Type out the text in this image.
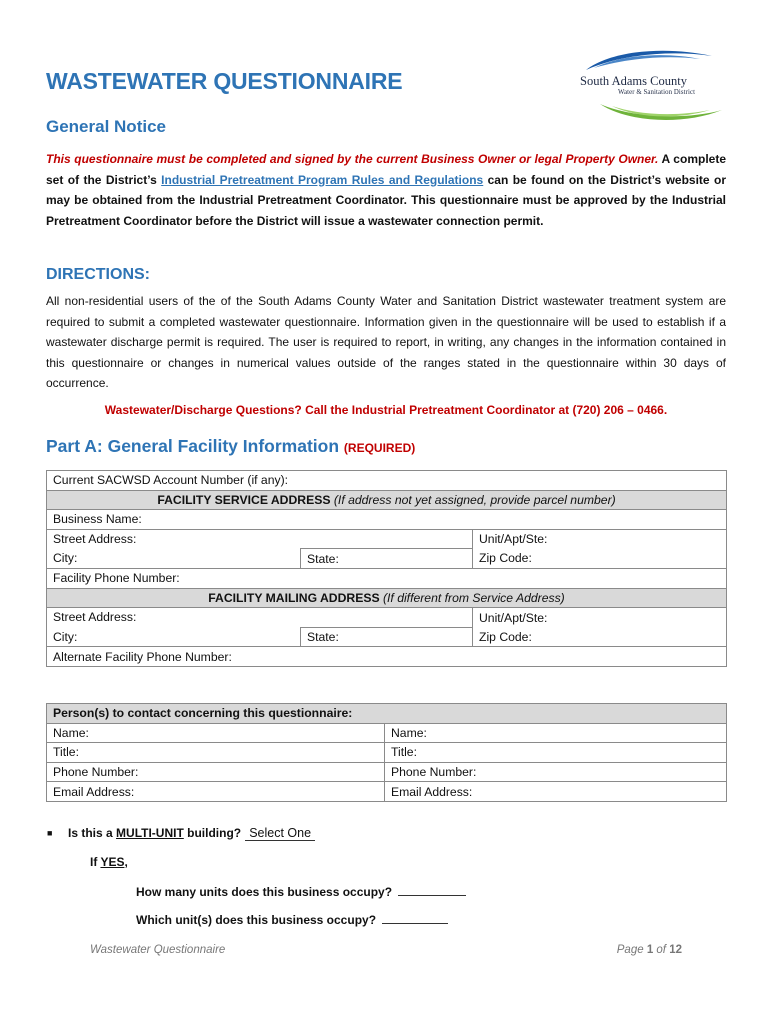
South Adams County
Water & Sanitation District
WASTEWATER QUESTIONNAIRE
General Notice
This questionnaire must be completed and signed by the current Business Owner or legal Property Owner. A complete set of the District’s Industrial Pretreatment Program Rules and Regulations can be found on the District’s website or may be obtained from the Industrial Pretreatment Coordinator. This questionnaire must be approved by the Industrial Pretreatment Coordinator before the District will issue a wastewater connection permit.
DIRECTIONS:
All non-residential users of the of the South Adams County Water and Sanitation District wastewater treatment system are required to submit a completed wastewater questionnaire. Information given in the questionnaire will be used to establish if a wastewater discharge permit is required. The user is required to report, in writing, any changes in the information contained in this questionnaire or changes in numerical values outside of the ranges stated in the questionnaire within 30 days of occurrence.
Wastewater/Discharge Questions? Call the Industrial Pretreatment Coordinator at (720) 206 – 0466.
Part A: General Facility Information (REQUIRED)
Current SACWSD Account Number (if any):		
FACILITY SERVICE ADDRESS (If address not yet assigned, provide parcel number)		
Business Name:		
Street Address:		Unit/Apt/Ste:
City:	State:	Zip Code:
Facility Phone Number:		
FACILITY MAILING ADDRESS (If different from Service Address)		
Street Address:		Unit/Apt/Ste:
City:	State:	Zip Code:
Alternate Facility Phone Number:		
Person(s) to contact concerning this questionnaire:	
Name:	Name:
Title:	Title:
Phone Number:	Phone Number:
Email Address:	Email Address:
■ Is this a MULTI-UNIT building? Select One
If YES,
How many units does this business occupy?
Which unit(s) does this business occupy?
Wastewater Questionnaire	Page 1 of 12
